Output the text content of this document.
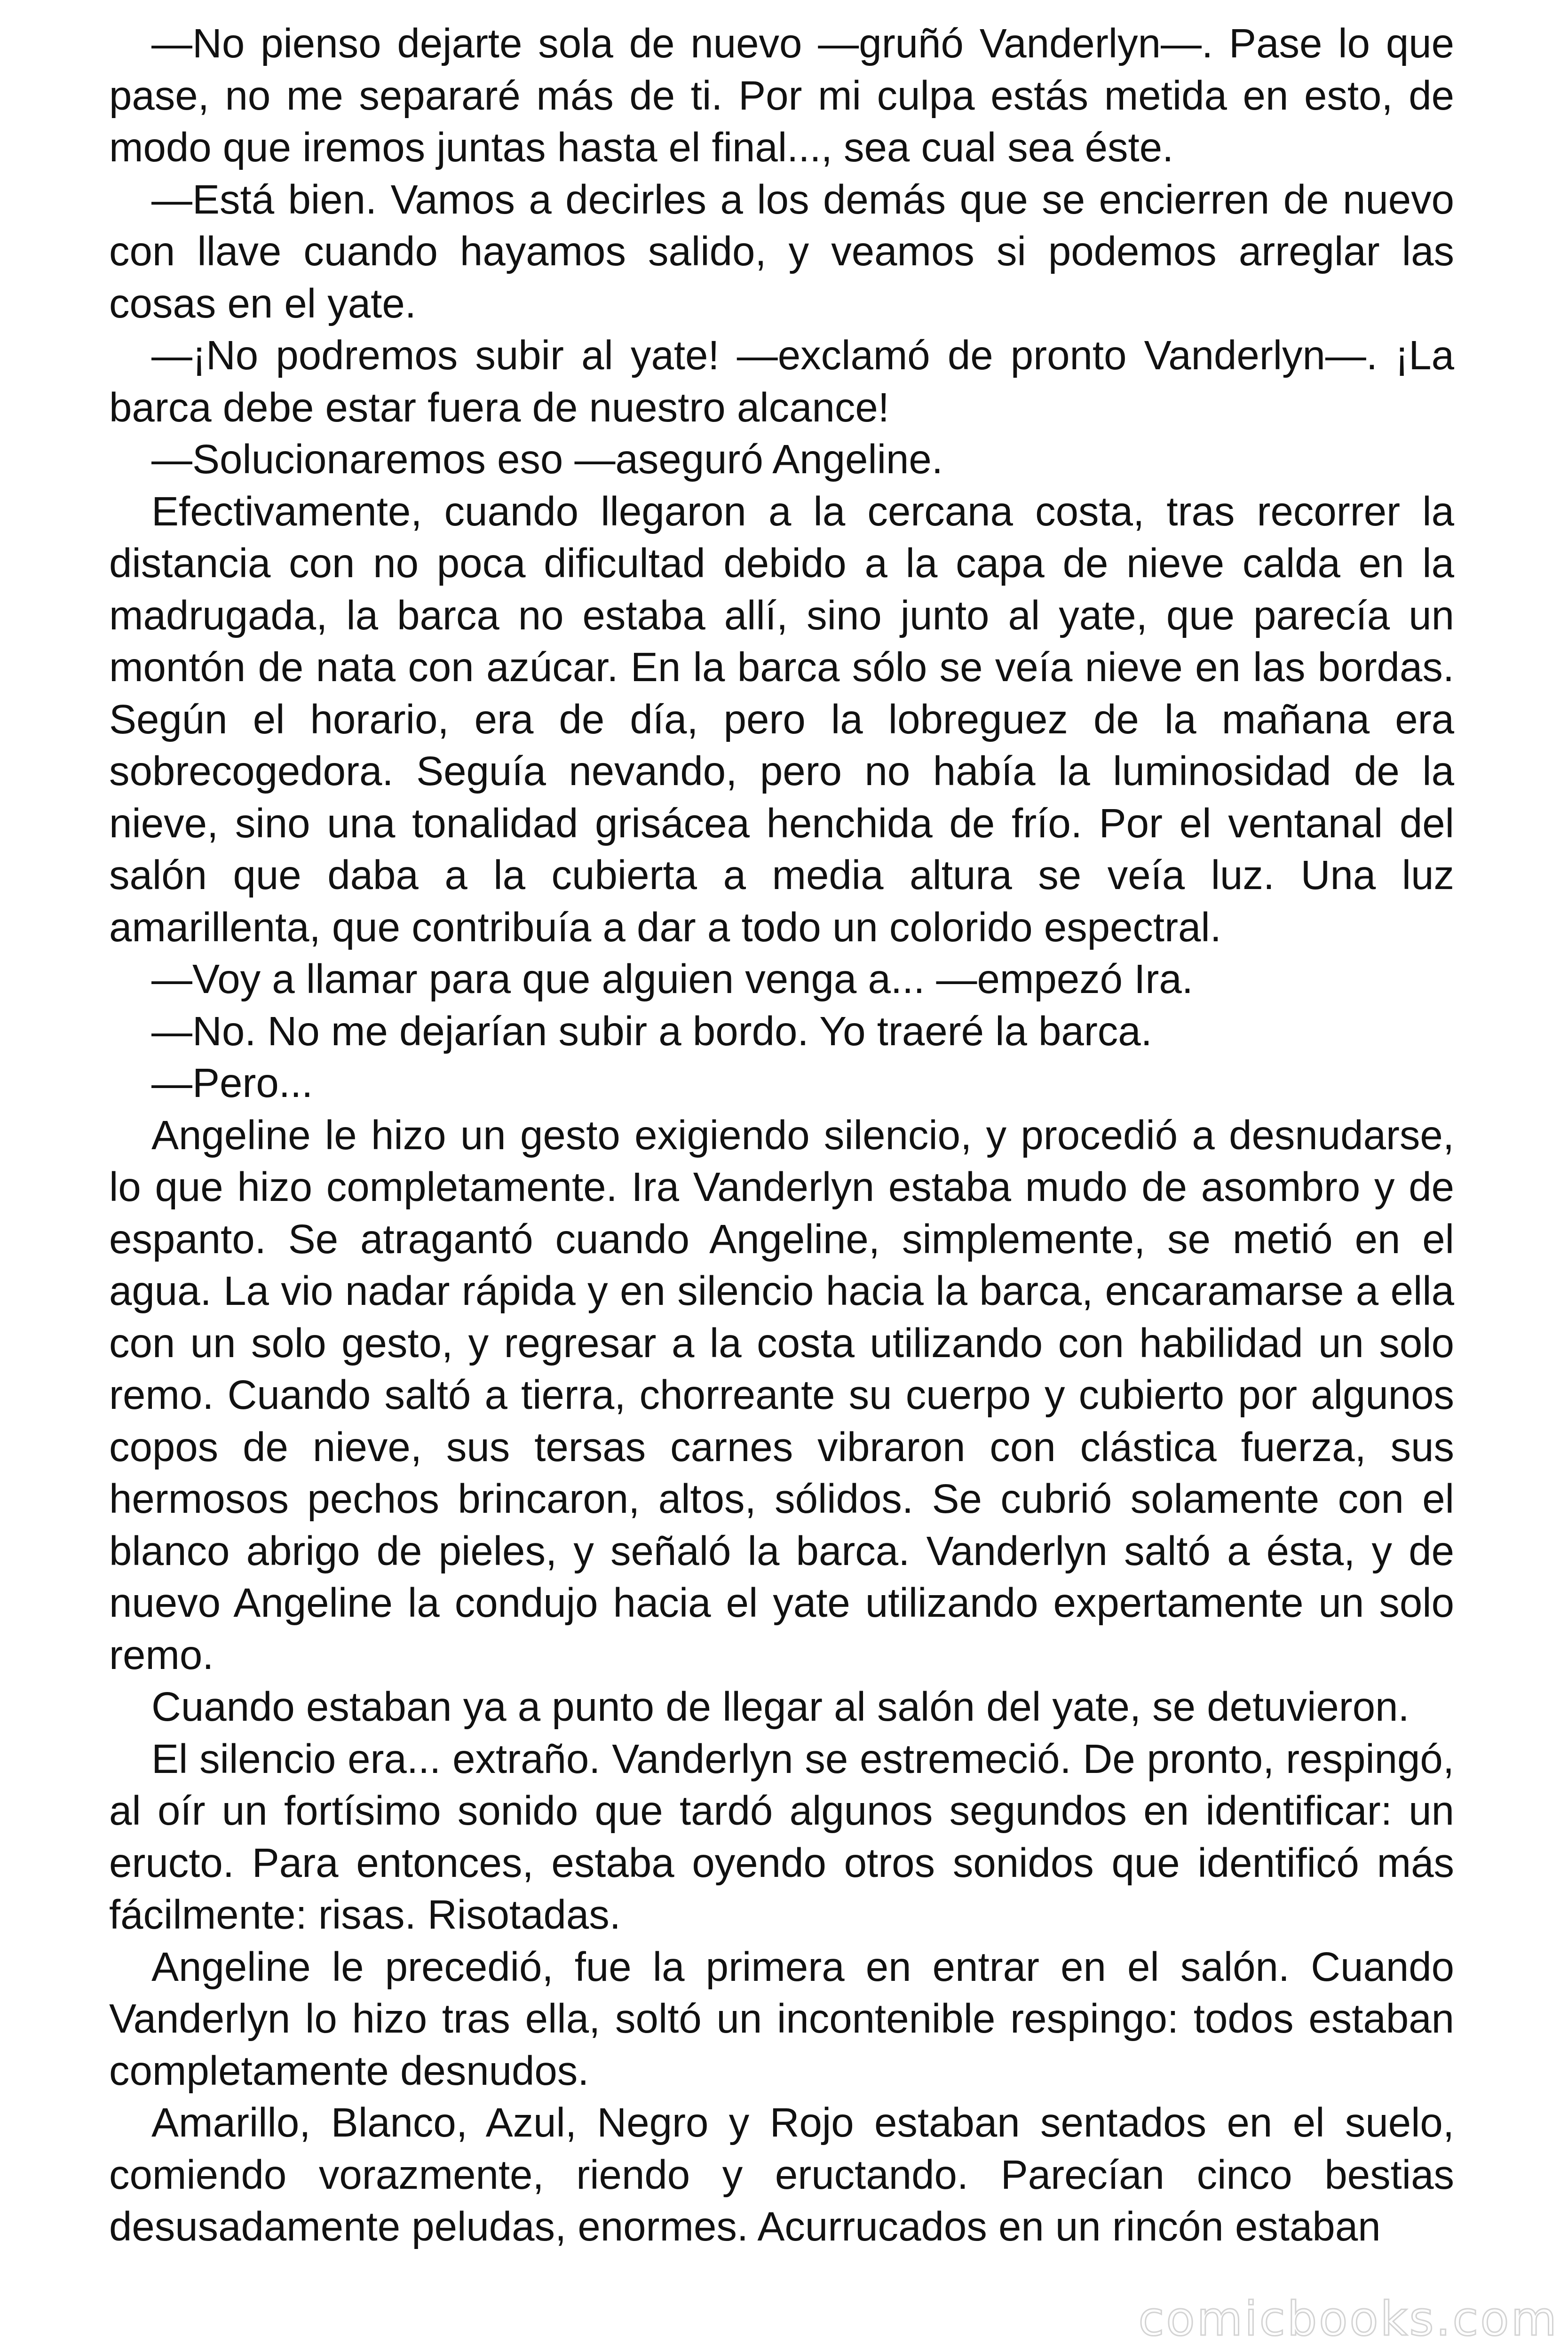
—No pienso dejarte sola de nuevo —gruñó Vanderlyn—. Pase lo que pase, no me separaré más de ti. Por mi culpa estás metida en esto, de modo que iremos juntas hasta el final..., sea cual sea éste.

—Está bien. Vamos a decirles a los demás que se encierren de nuevo con llave cuando hayamos salido, y veamos si podemos arreglar las cosas en el yate.

—¡No podremos subir al yate! —exclamó de pronto Vanderlyn—. ¡La barca debe estar fuera de nuestro alcance!

—Solucionaremos eso —aseguró Angeline.

Efectivamente, cuando llegaron a la cercana costa, tras recorrer la distancia con no poca dificultad debido a la capa de nieve calda en la madrugada, la barca no estaba allí, sino junto al yate, que parecía un montón de nata con azúcar. En la barca sólo se veía nieve en las bordas. Según el horario, era de día, pero la lobreguez de la mañana era sobrecogedora. Seguía nevando, pero no había la luminosidad de la nieve, sino una tonalidad grisácea henchida de frío. Por el ventanal del salón que daba a la cubierta a media altura se veía luz. Una luz amarillenta, que contribuía a dar a todo un colorido espectral.

—Voy a llamar para que alguien venga a... —empezó Ira.

—No. No me dejarían subir a bordo. Yo traeré la barca.

—Pero...

Angeline le hizo un gesto exigiendo silencio, y procedió a desnudarse, lo que hizo completamente. Ira Vanderlyn estaba mudo de asombro y de espanto. Se atragantó cuando Angeline, simplemente, se metió en el agua. La vio nadar rápida y en silencio hacia la barca, encaramarse a ella con un solo gesto, y regresar a la costa utilizando con habilidad un solo remo. Cuando saltó a tierra, chorreante su cuerpo y cubierto por algunos copos de nieve, sus tersas carnes vibraron con clástica fuerza, sus hermosos pechos brincaron, altos, sólidos. Se cubrió solamente con el blanco abrigo de pieles, y señaló la barca. Vanderlyn saltó a ésta, y de nuevo Angeline la condujo hacia el yate utilizando expertamente un solo remo.

Cuando estaban ya a punto de llegar al salón del yate, se detuvieron.

El silencio era... extraño. Vanderlyn se estremeció. De pronto, respingó, al oír un fortísimo sonido que tardó algunos segundos en identificar: un eructo. Para entonces, estaba oyendo otros sonidos que identificó más fácilmente: risas. Risotadas.

Angeline le precedió, fue la primera en entrar en el salón. Cuando Vanderlyn lo hizo tras ella, soltó un incontenible respingo: todos estaban completamente desnudos.

Amarillo, Blanco, Azul, Negro y Rojo estaban sentados en el suelo, comiendo vorazmente, riendo y eructando. Parecían cinco bestias desusadamente peludas, enormes. Acurrucados en un rincón estaban

comicbooks.com
